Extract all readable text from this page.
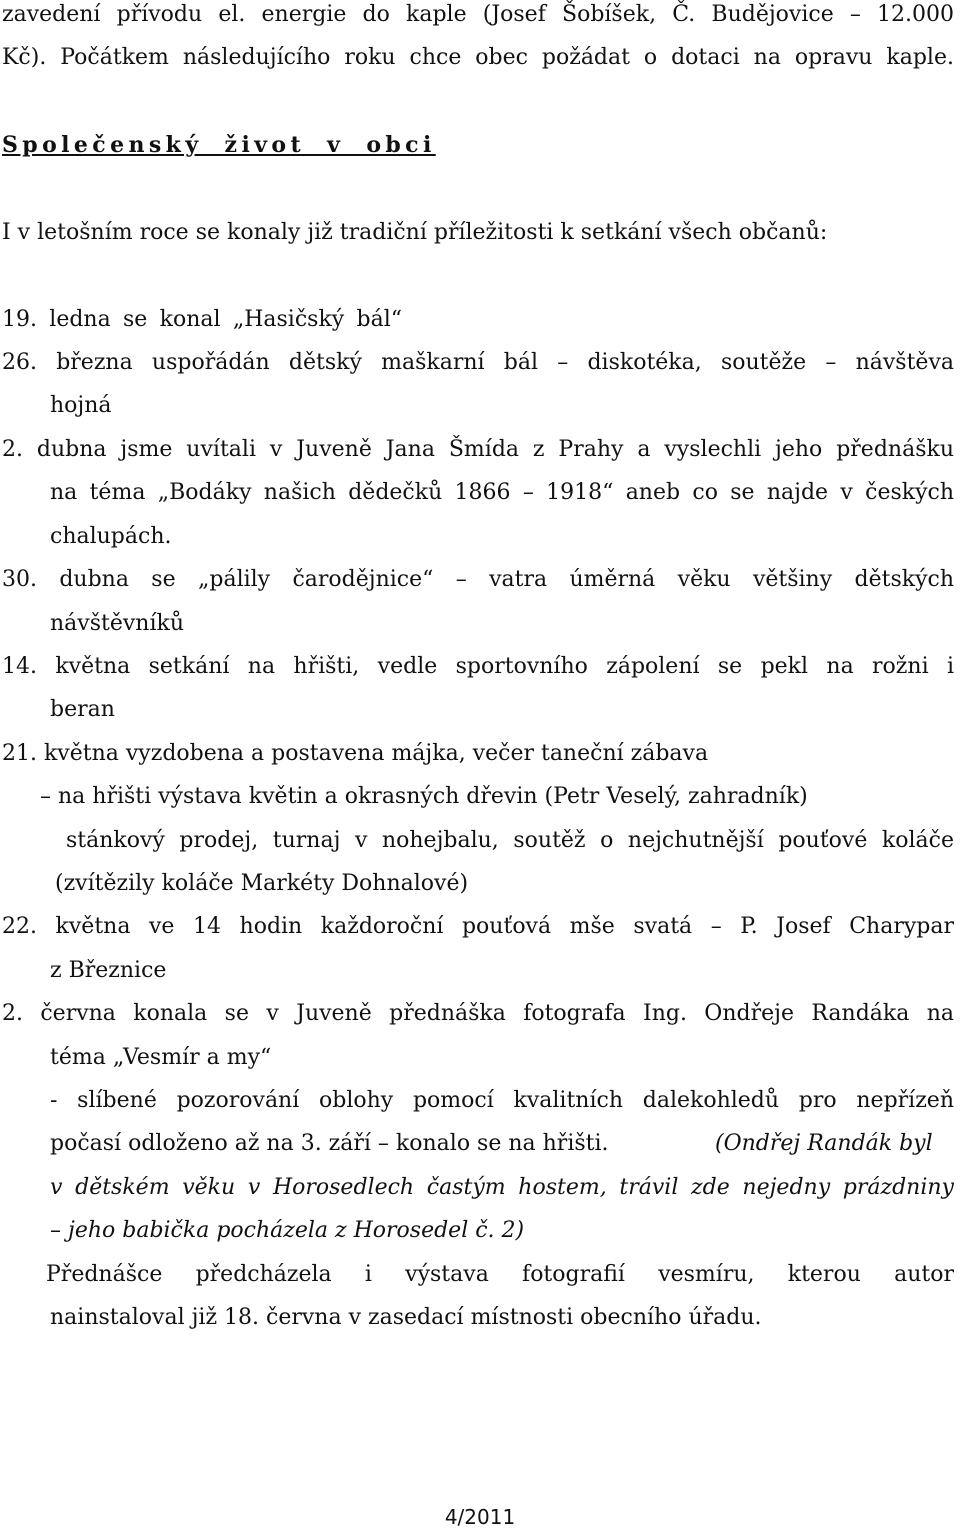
zavedení přívodu el. energie do kaple (Josef Šobíšek, Č. Budějovice – 12.000

Kč). Počátkem následujícího roku chce obec požádat o dotaci na opravu kaple.

Společenský život v obci

I v letošním roce se konaly již tradiční příležitosti k setkání všech občanů:

19. ledna se konal „Hasičský bál“

26. března uspořádán dětský maškarní bál – diskotéka, soutěže – návštěva

hojná

2. dubna jsme uvítali v Juveně Jana Šmída z Prahy a vyslechli jeho přednášku

na téma „Bodáky našich dědečků 1866 – 1918“ aneb co se najde v českých

chalupách.

30. dubna se „pálily čarodějnice“ – vatra úměrná věku většiny dětských

návštěvníků

14. května setkání na hřišti, vedle sportovního zápolení se pekl na rožni i

beran

21. května vyzdobena a postavena májka, večer taneční zábava

– na hřišti výstava květin a okrasných dřevin (Petr Veselý, zahradník)

stánkový prodej, turnaj v nohejbalu, soutěž o nejchutnější pouťové koláče

(zvítězily koláče Markéty Dohnalové)

22. května ve 14 hodin každoroční pouťová mše svatá – P. Josef Charypar

z Březnice

2. června konala se v Juveně přednáška fotografa Ing. Ondřeje Randáka na

téma „Vesmír a my“

- slíbené pozorování oblohy pomocí kvalitních dalekohledů pro nepřízeň

počasí odloženo až na 3. září – konalo se na hřišti.	(Ondřej Randák byl

v dětském věku v Horosedlech častým hostem, trávil zde nejedny prázdniny

– jeho babička pocházela z Horosedel č. 2)

Přednášce předcházela i výstava fotografií vesmíru, kterou autor

nainstaloval již 18. června v zasedací místnosti obecního úřadu.

4/2011
